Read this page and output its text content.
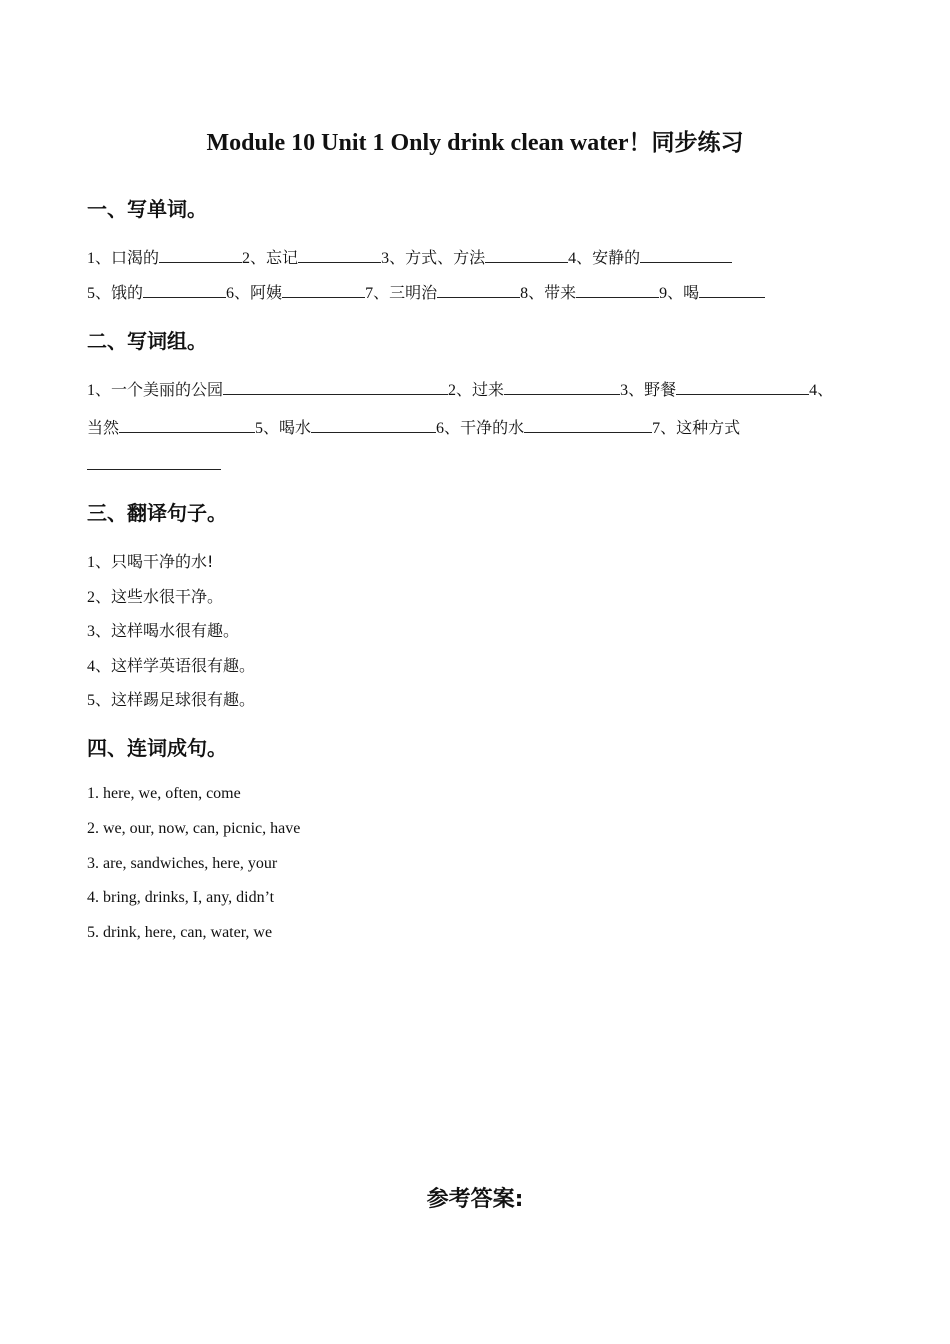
Module 10 Unit 1 Only drink clean water！同步练习
一、写单词。
1、口渴的	2、忘记	3、方式、方法	4、安静的
5、饿的	6、阿姨	7、三明治	8、带来	9、喝
二、写词组。
1、一个美丽的公园	2、过来	3、野餐	4、
当然	5、喝水	6、干净的水	7、这种方式
三、翻译句子。
1、只喝干净的水!
2、这些水很干净。
3、这样喝水很有趣。
4、这样学英语很有趣。
5、这样踢足球很有趣。
四、连词成句。
1. here, we, often, come
2. we, our, now, can, picnic, have
3. are, sandwiches, here, your
4. bring, drinks, I, any, didn’t
5. drink, here, can, water, we
参考答案:
